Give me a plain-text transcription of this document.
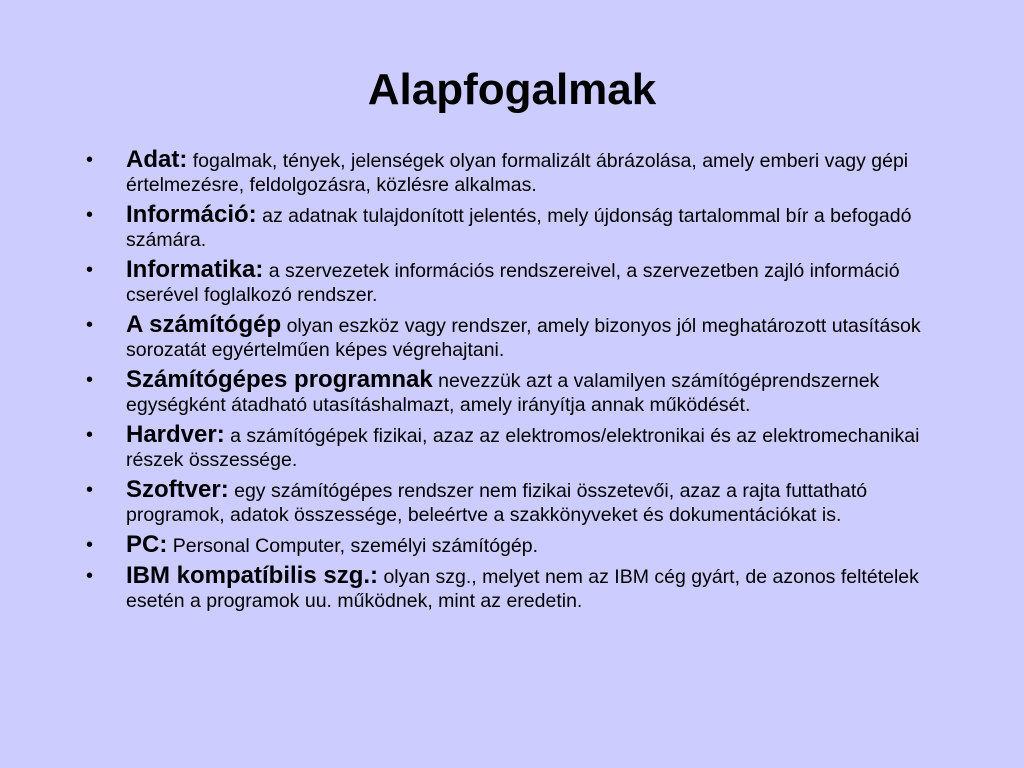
Alapfogalmak
• Adat: fogalmak, tények, jelenségek olyan formalizált ábrázolása, amely emberi vagy gépi értelmezésre, feldolgozásra, közlésre alkalmas.
• Információ: az adatnak tulajdonított jelentés, mely újdonság tartalommal bír a befogadó számára.
• Informatika: a szervezetek információs rendszereivel, a szervezetben zajló információ cserével foglalkozó rendszer.
• A számítógép olyan eszköz vagy rendszer, amely bizonyos jól meghatározott utasítások sorozatát egyértelműen képes végrehajtani.
• Számítógépes programnak nevezzük azt a valamilyen számítógéprendszernek egységként átadható utasításhalmazt, amely irányítja annak működését.
• Hardver: a számítógépek fizikai, azaz az elektromos/elektronikai és az elektromechanikai részek összessége.
• Szoftver: egy számítógépes rendszer nem fizikai összetevői, azaz a rajta futtatható programok, adatok összessége, beleértve a szakkönyveket és dokumentációkat is.
• PC: Personal Computer, személyi számítógép.
• IBM kompatíbilis szg.: olyan szg., melyet nem az IBM cég gyárt, de azonos feltételek esetén a programok uu. működnek, mint az eredetin.
